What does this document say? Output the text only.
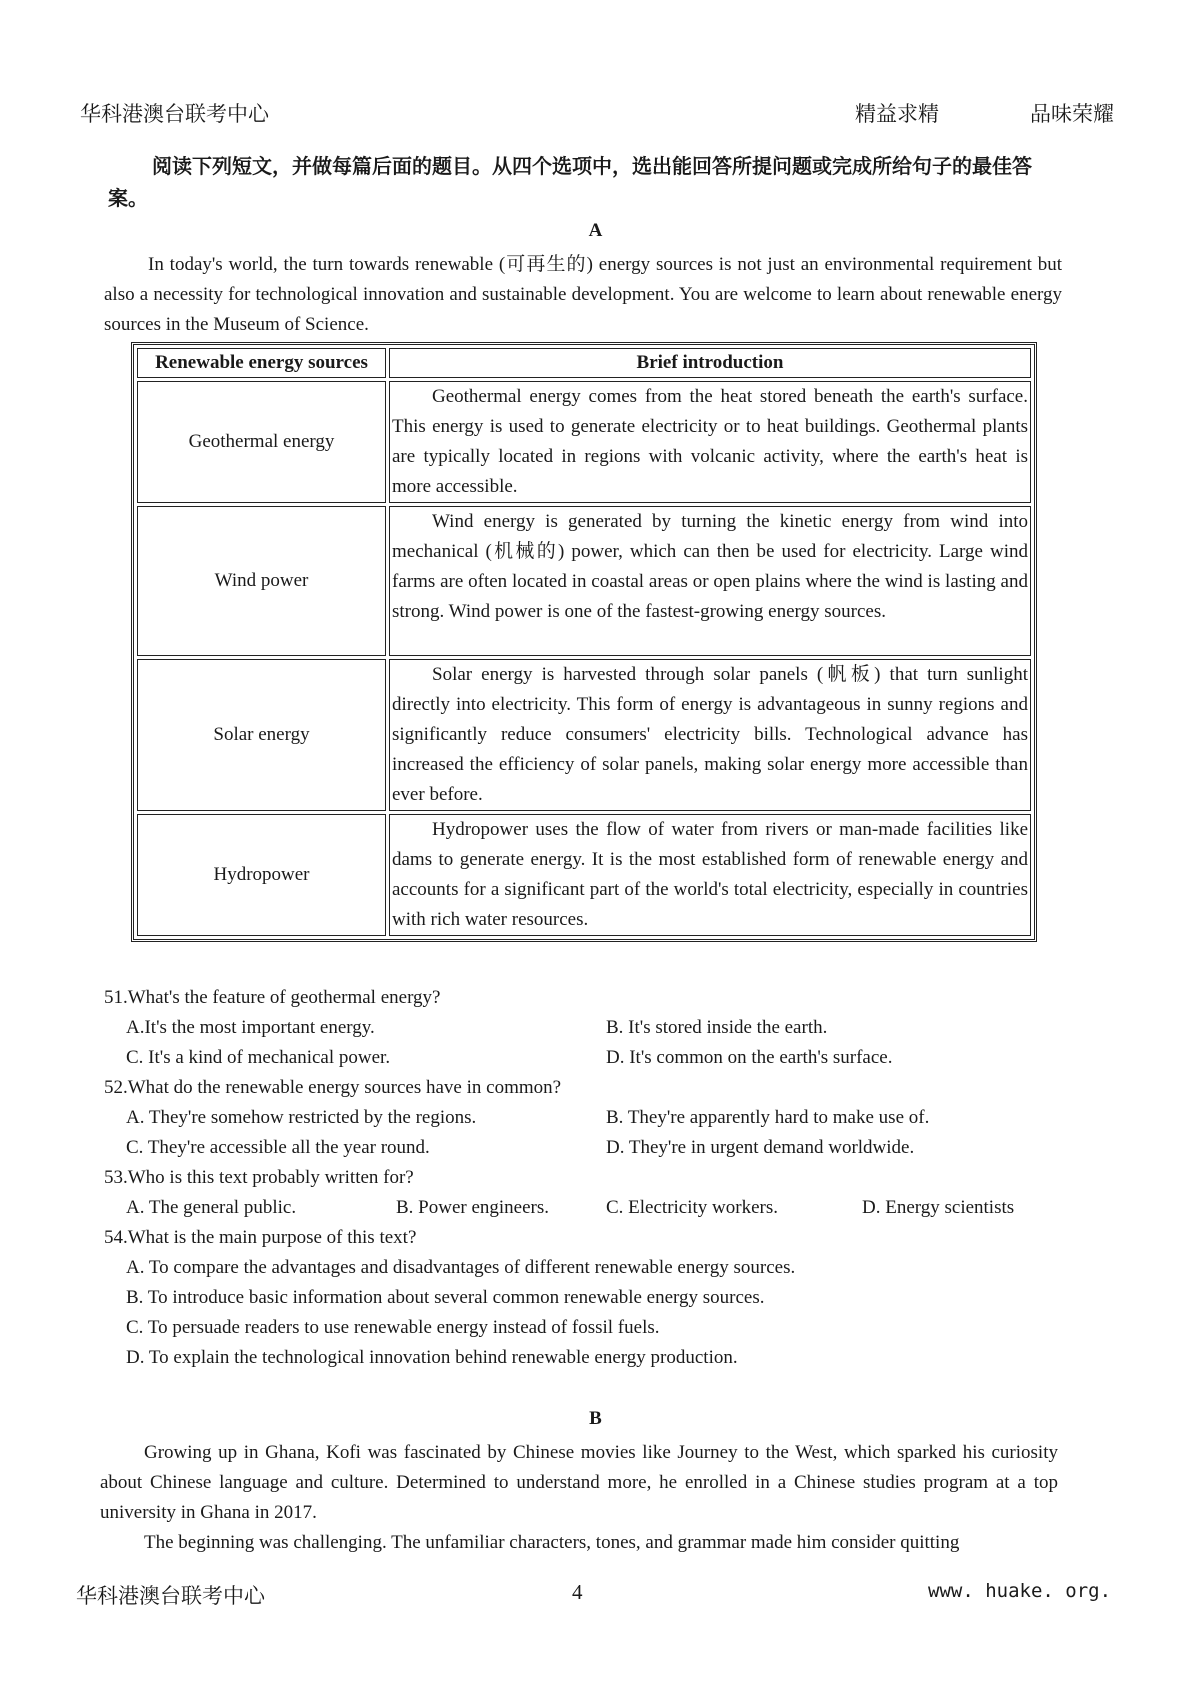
华科港澳台联考中心	精益求精	品味荣耀
阅读下列短文，并做每篇后面的题目。从四个选项中，选出能回答所提问题或完成所给句子的最佳答案。
A

In today's world, the turn towards renewable (可再生的) energy sources is not just an environmental requirement but also a necessity for technological innovation and sustainable development. You are welcome to learn about renewable energy sources in the Museum of Science.

Renewable energy sources	Brief introduction
Geothermal energy	Geothermal energy comes from the heat stored beneath the earth's surface. This energy is used to generate electricity or to heat buildings. Geothermal plants are typically located in regions with volcanic activity, where the earth's heat is more accessible.

Wind power	Wind energy is generated by turning the kinetic energy from wind into mechanical (机械的) power, which can then be used for electricity. Large wind farms are often located in coastal areas or open plains where the wind is lasting and strong. Wind power is one of the fastest-growing energy sources.

Solar energy	Solar energy is harvested through solar panels (帆板) that turn sunlight directly into electricity. This form of energy is advantageous in sunny regions and significantly reduce consumers' electricity bills. Technological advance has increased the efficiency of solar panels, making solar energy more accessible than ever before.

Hydropower	Hydropower uses the flow of water from rivers or man-made facilities like dams to generate energy. It is the most established form of renewable energy and accounts for a significant part of the world's total electricity, especially in countries with rich water resources.
51.What's the feature of geothermal energy?
A.It's the most important energy.	B. It's stored inside the earth.
C. It's a kind of mechanical power.	D. It's common on the earth's surface.
52.What do the renewable energy sources have in common?
A. They're somehow restricted by the regions.	B. They're apparently hard to make use of.
C. They're accessible all the year round.	D. They're in urgent demand worldwide.
53.Who is this text probably written for?
A. The general public.	B. Power engineers.	C. Electricity workers.	D. Energy scientists
54.What is the main purpose of this text?
A. To compare the advantages and disadvantages of different renewable energy sources.
B. To introduce basic information about several common renewable energy sources.
C. To persuade readers to use renewable energy instead of fossil fuels.
D. To explain the technological innovation behind renewable energy production.
B

Growing up in Ghana, Kofi was fascinated by Chinese movies like Journey to the West, which sparked his curiosity about Chinese language and culture. Determined to understand more, he enrolled in a Chinese studies program at a top university in Ghana in 2017.

The beginning was challenging. The unfamiliar characters, tones, and grammar made him consider quitting

华科港澳台联考中心	4	www. huake. org.
